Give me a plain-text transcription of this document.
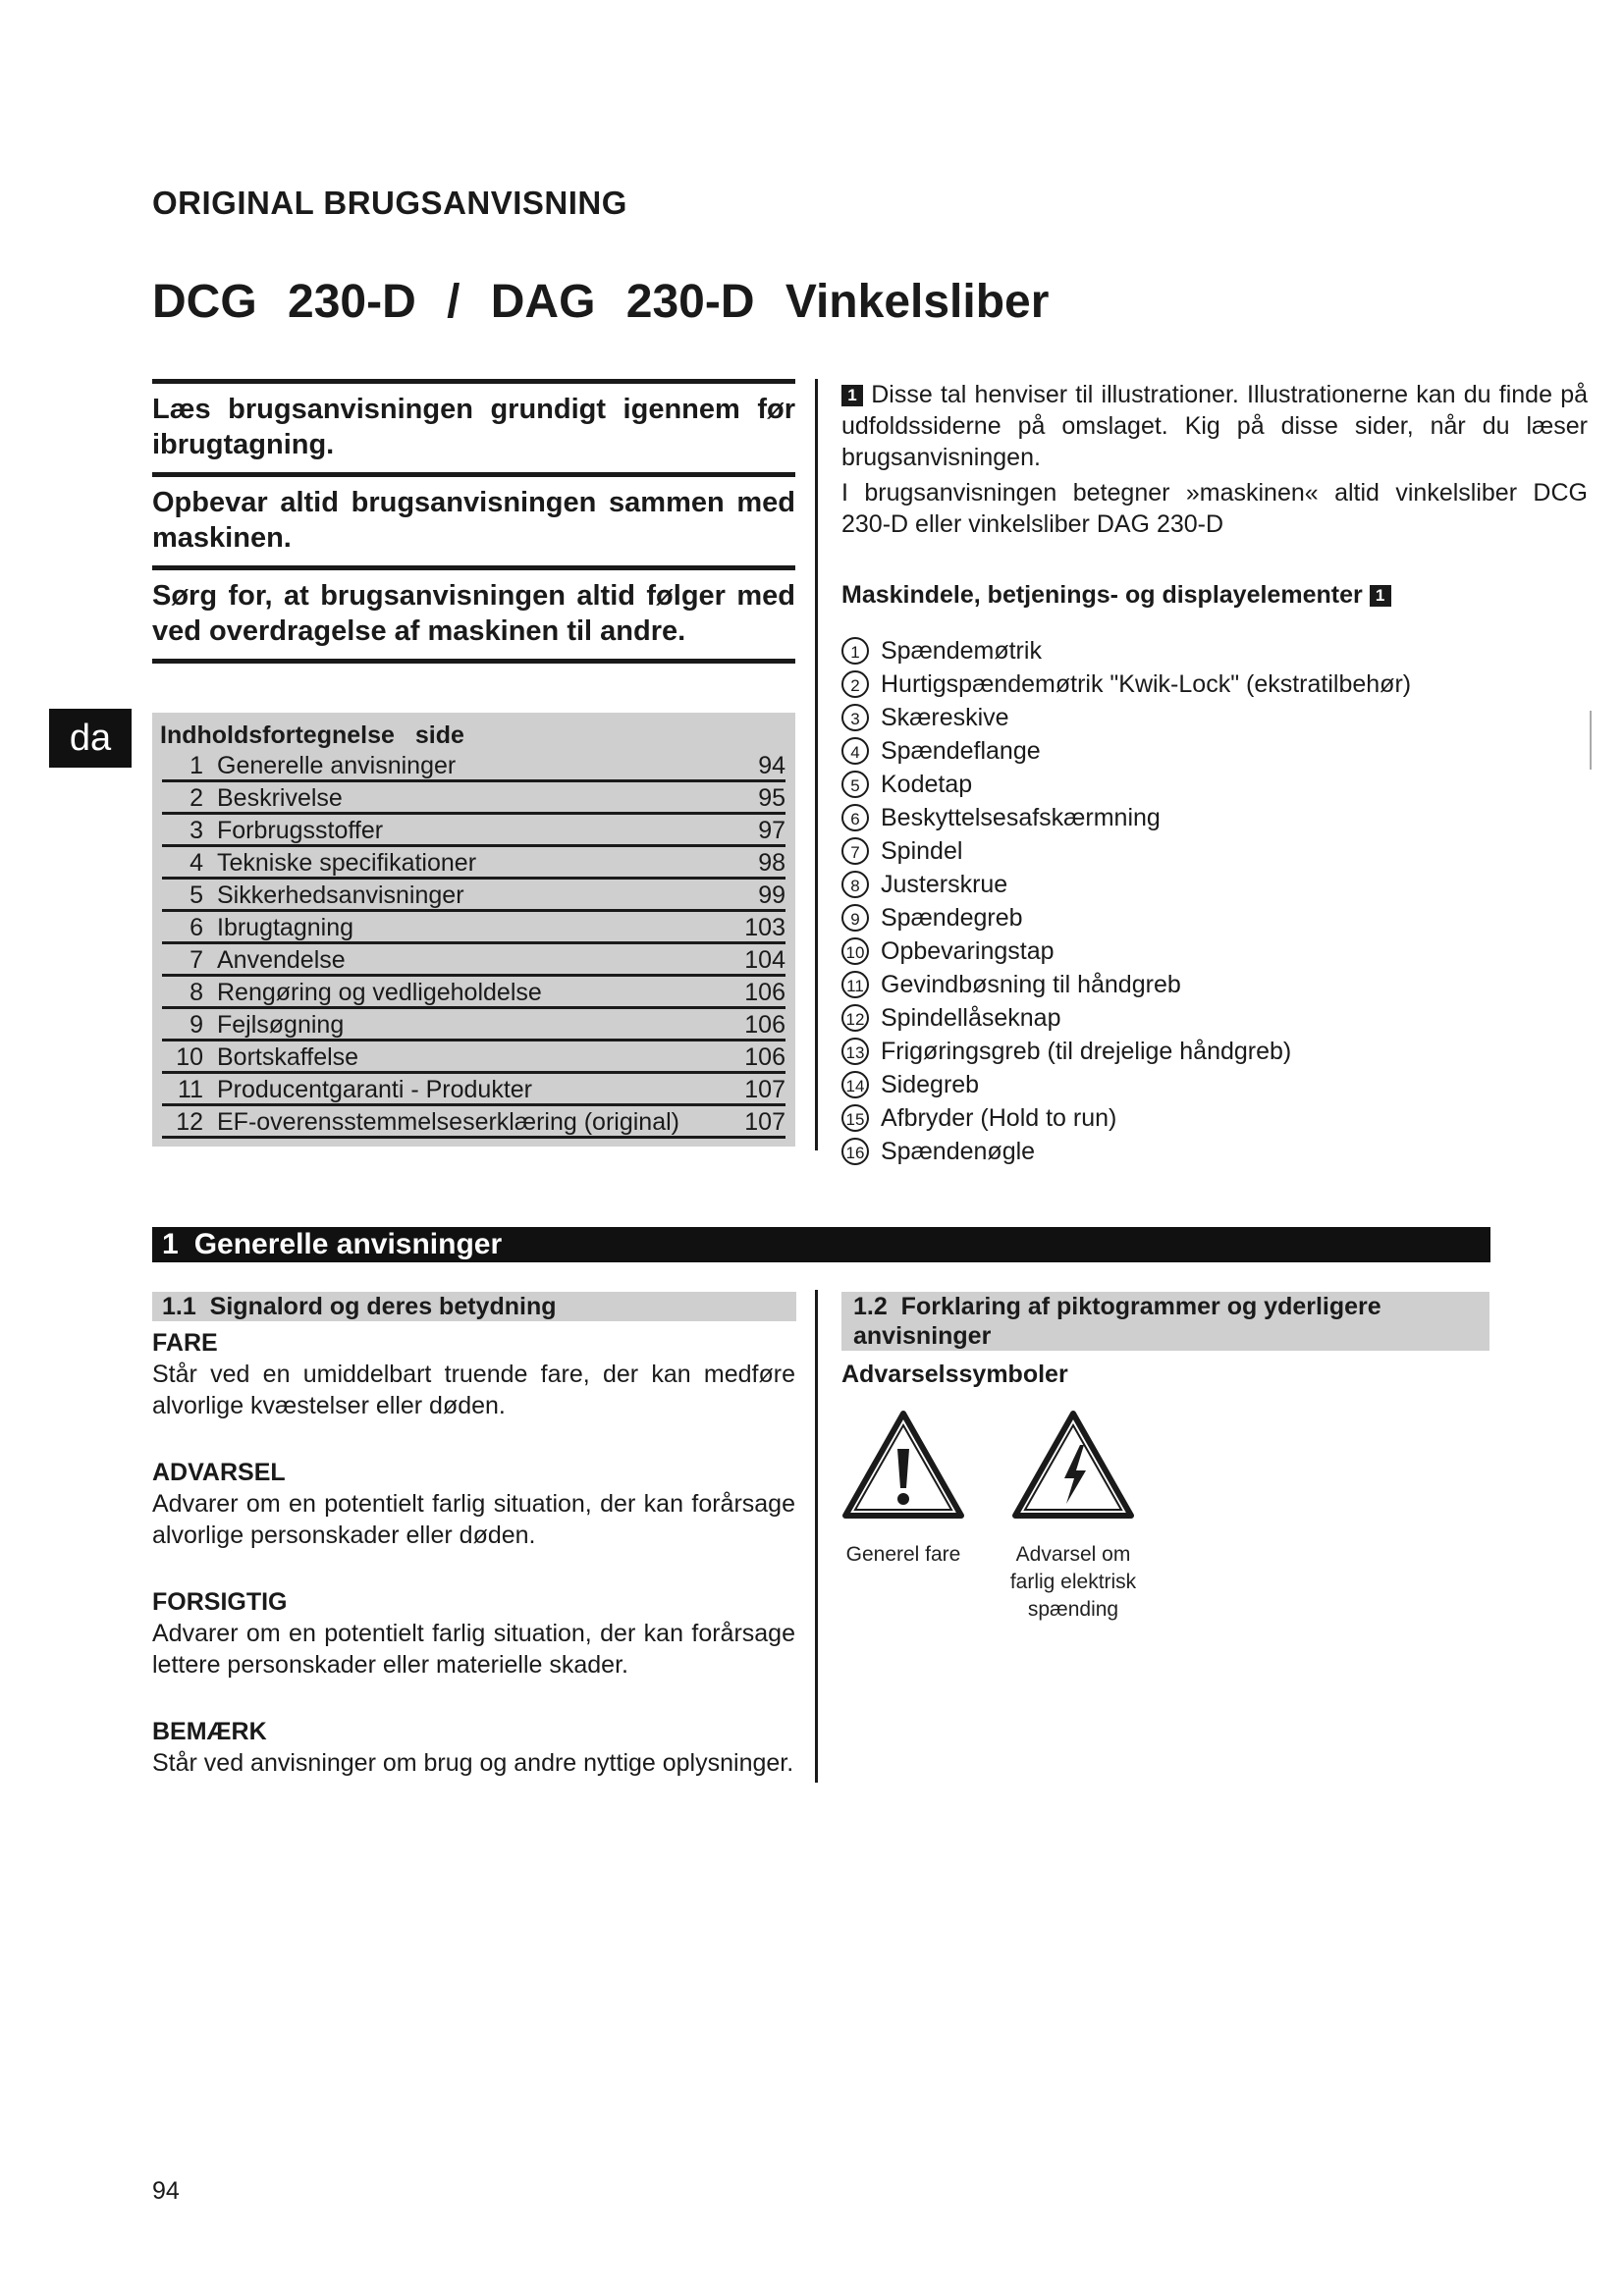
ORIGINAL BRUGSANVISNING
DCG 230-D / DAG 230-D Vinkelsliber
Læs brugsanvisningen grundigt igennem før ibrugtagning.
Opbevar altid brugsanvisningen sammen med maskinen.
Sørg for, at brugsanvisningen altid følger med ved overdragelse af maskinen til andre.
da	Indholdsfortegnelse side
1 Generelle anvisninger	94
2 Beskrivelse	95
3 Forbrugsstoffer	97
4 Tekniske specifikationer	98
5 Sikkerhedsanvisninger	99
6 Ibrugtagning	103
7 Anvendelse	104
8 Rengøring og vedligeholdelse	106
9 Fejlsøgning	106
10 Bortskaffelse	106
11 Producentgaranti - Produkter	107
12 EF-overensstemmelseserklæring (original)	107
1 Disse tal henviser til illustrationer. Illustrationerne kan du finde på udfoldssiderne på omslaget. Kig på disse sider, når du læser brugsanvisningen.
I brugsanvisningen betegner »maskinen« altid vinkelsliber DCG 230-D eller vinkelsliber DAG 230-D
Maskindele, betjenings- og displayelementer 1
1 Spændemøtrik
2 Hurtigspændemøtrik "Kwik-Lock" (ekstratilbehør)
3 Skæreskive
4 Spændeflange
5 Kodetap
6 Beskyttelsesafskærmning
7 Spindel
8 Justerskrue
9 Spændegreb
10 Opbevaringstap
11 Gevindbøsning til håndgreb
12 Spindellåseknap
13 Frigøringsgreb (til drejelige håndgreb)
14 Sidegreb
15 Afbryder (Hold to run)
16 Spændenøgle
1 Generelle anvisninger
1.1 Signalord og deres betydning	1.2 Forklaring af piktogrammer og yderligere anvisninger
FARE
Står ved en umiddelbart truende fare, der kan medføre alvorlige kvæstelser eller døden.
ADVARSEL
Advarer om en potentielt farlig situation, der kan forårsage alvorlige personskader eller døden.
FORSIGTIG
Advarer om en potentielt farlig situation, der kan forårsage lettere personskader eller materielle skader.
BEMÆRK
Står ved anvisninger om brug og andre nyttige oplysninger.
Advarselssymboler
Generel fare	Advarsel om farlig elektrisk spænding
94
